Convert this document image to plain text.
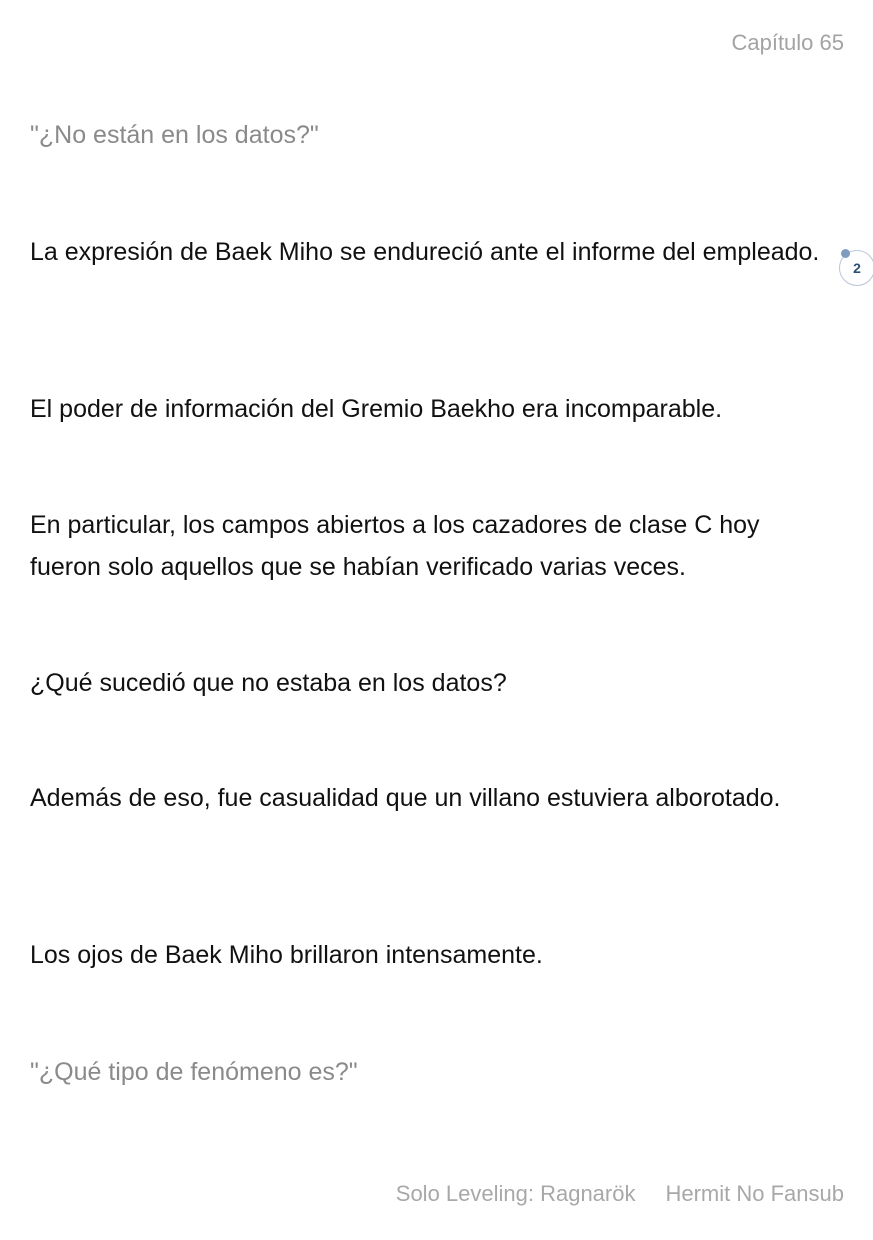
Capítulo 65

"¿No están en los datos?"

La expresión de Baek Miho se endureció ante el informe del empleado.

El poder de información del Gremio Baekho era incomparable.

En particular, los campos abiertos a los cazadores de clase C hoy fueron solo aquellos que se habían verificado varias veces.

¿Qué sucedió que no estaba en los datos?

Además de eso, fue casualidad que un villano estuviera alborotado.

Los ojos de Baek Miho brillaron intensamente.

"¿Qué tipo de fenómeno es?"

2
Solo Leveling: Ragnarök Hermit No Fansub
